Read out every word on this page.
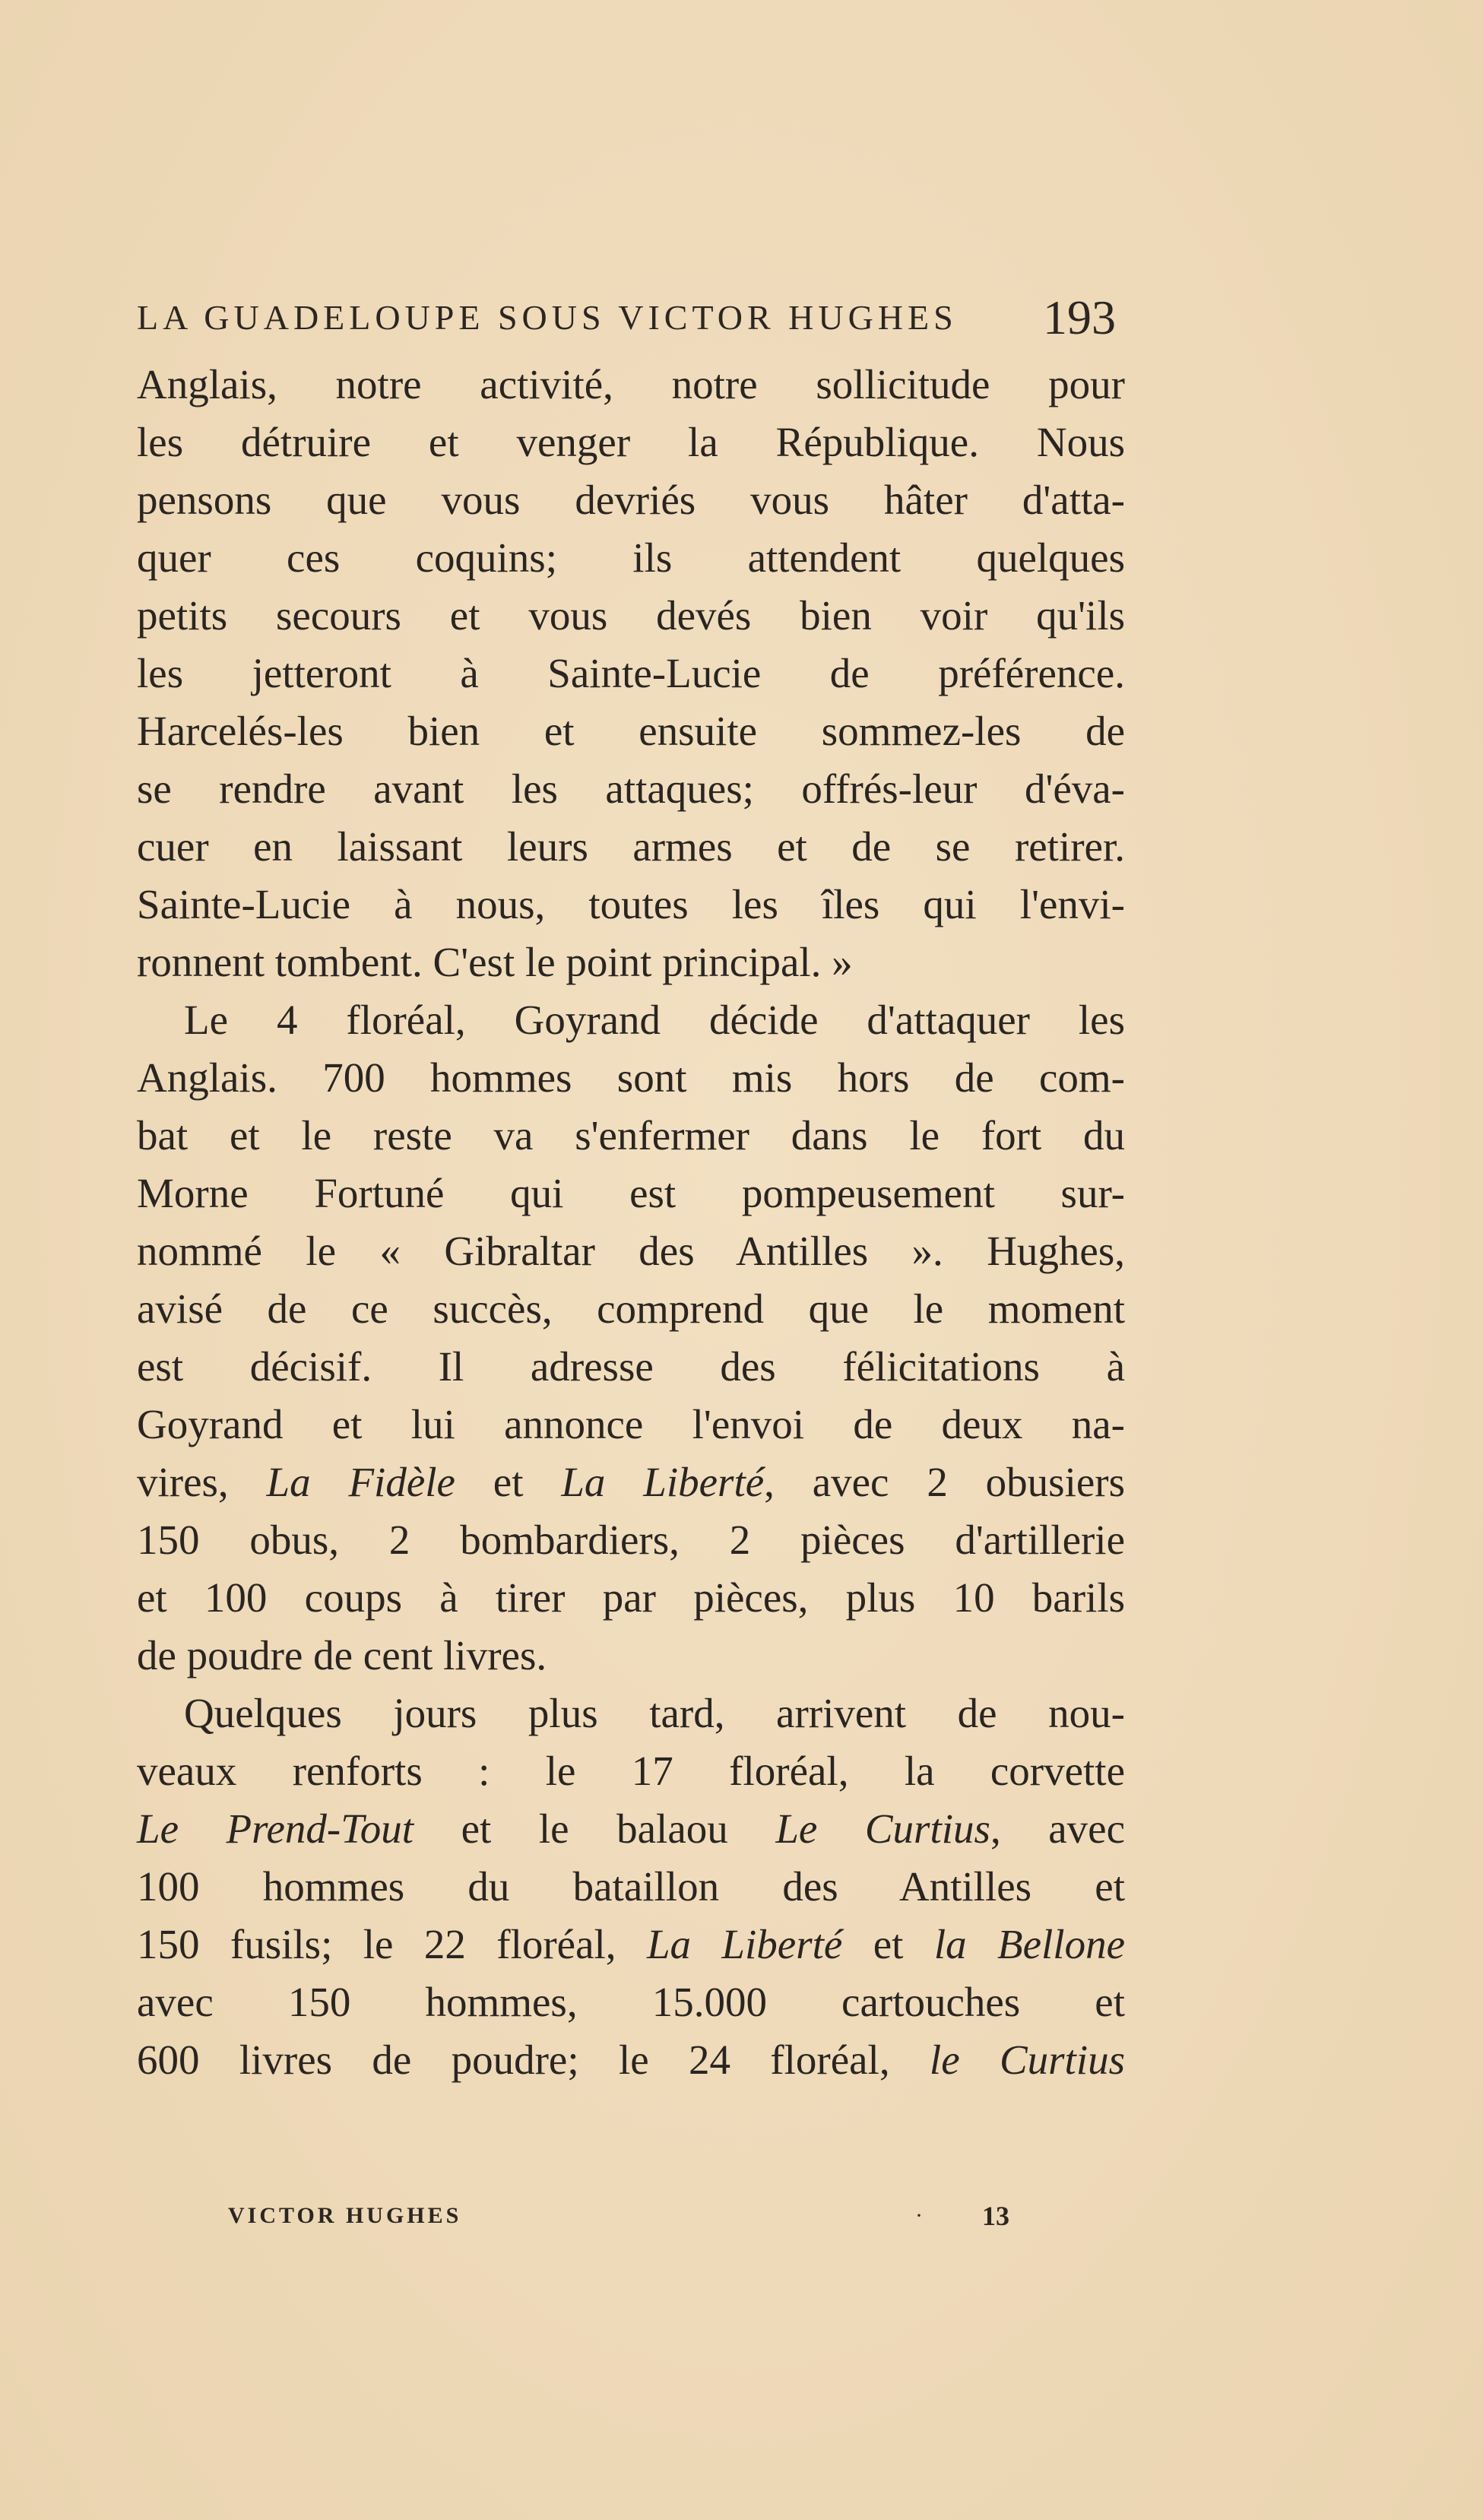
LA GUADELOUPE SOUS VICTOR HUGHES	193
Anglais, notre activité, notre sollicitude pour
les détruire et venger la République. Nous
pensons que vous devriés vous hâter d'atta-
quer ces coquins; ils attendent quelques
petits secours et vous devés bien voir qu'ils
les jetteront à Sainte-Lucie de préférence.
Harcelés-les bien et ensuite sommez-les de
se rendre avant les attaques; offrés-leur d'éva-
cuer en laissant leurs armes et de se retirer.
Sainte-Lucie à nous, toutes les îles qui l'envi-
ronnent tombent. C'est le point principal. »
Le 4 floréal, Goyrand décide d'attaquer les
Anglais. 700 hommes sont mis hors de com-
bat et le reste va s'enfermer dans le fort du
Morne Fortuné qui est pompeusement sur-
nommé le « Gibraltar des Antilles ». Hughes,
avisé de ce succès, comprend que le moment
est décisif. Il adresse des félicitations à
Goyrand et lui annonce l'envoi de deux na-
vires, La Fidèle et La Liberté, avec 2 obusiers
150 obus, 2 bombardiers, 2 pièces d'artillerie
et 100 coups à tirer par pièces, plus 10 barils
de poudre de cent livres.
Quelques jours plus tard, arrivent de nou-
veaux renforts : le 17 floréal, la corvette
Le Prend-Tout et le balaou Le Curtius, avec
100 hommes du bataillon des Antilles et
150 fusils; le 22 floréal, La Liberté et la Bellone
avec 150 hommes, 15.000 cartouches et
600 livres de poudre; le 24 floréal, le Curtius
VICTOR HUGHES	· 13
